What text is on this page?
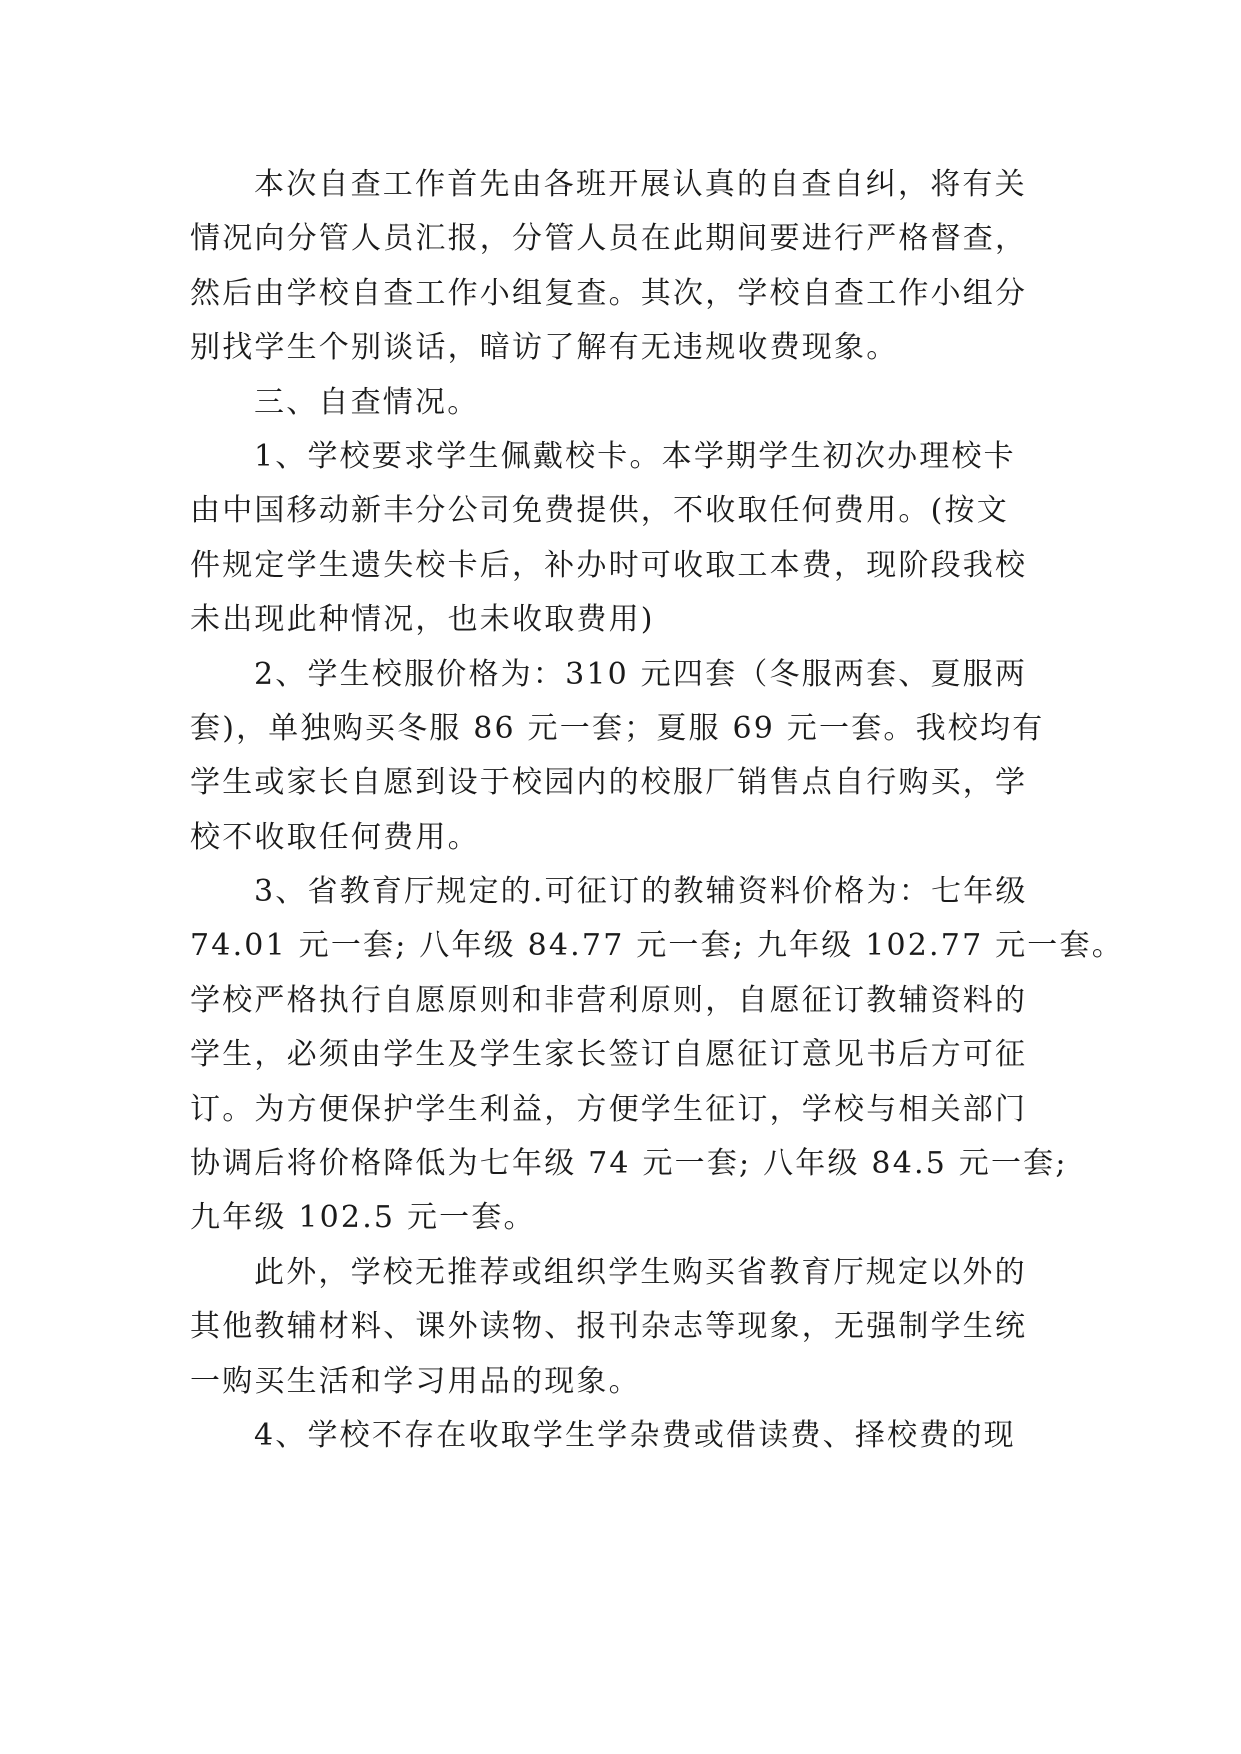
本次自查工作首先由各班开展认真的自查自纠，将有关
情况向分管人员汇报，分管人员在此期间要进行严格督查，
然后由学校自查工作小组复查。其次，学校自查工作小组分
别找学生个别谈话，暗访了解有无违规收费现象。
三、自查情况。
1、学校要求学生佩戴校卡。本学期学生初次办理校卡
由中国移动新丰分公司免费提供，不收取任何费用。(按文
件规定学生遗失校卡后，补办时可收取工本费，现阶段我校
未出现此种情况，也未收取费用)
2、学生校服价格为：310 元四套（冬服两套、夏服两
套)，单独购买冬服 86 元一套；夏服 69 元一套。我校均有
学生或家长自愿到设于校园内的校服厂销售点自行购买，学
校不收取任何费用。
3、省教育厅规定的.可征订的教辅资料价格为：七年级
74.01 元一套; 八年级 84.77 元一套; 九年级 102.77 元一套。
学校严格执行自愿原则和非营利原则，自愿征订教辅资料的
学生，必须由学生及学生家长签订自愿征订意见书后方可征
订。为方便保护学生利益，方便学生征订，学校与相关部门
协调后将价格降低为七年级 74 元一套; 八年级 84.5 元一套;
九年级 102.5 元一套。
此外，学校无推荐或组织学生购买省教育厅规定以外的
其他教辅材料、课外读物、报刊杂志等现象，无强制学生统
一购买生活和学习用品的现象。
4、学校不存在收取学生学杂费或借读费、择校费的现
